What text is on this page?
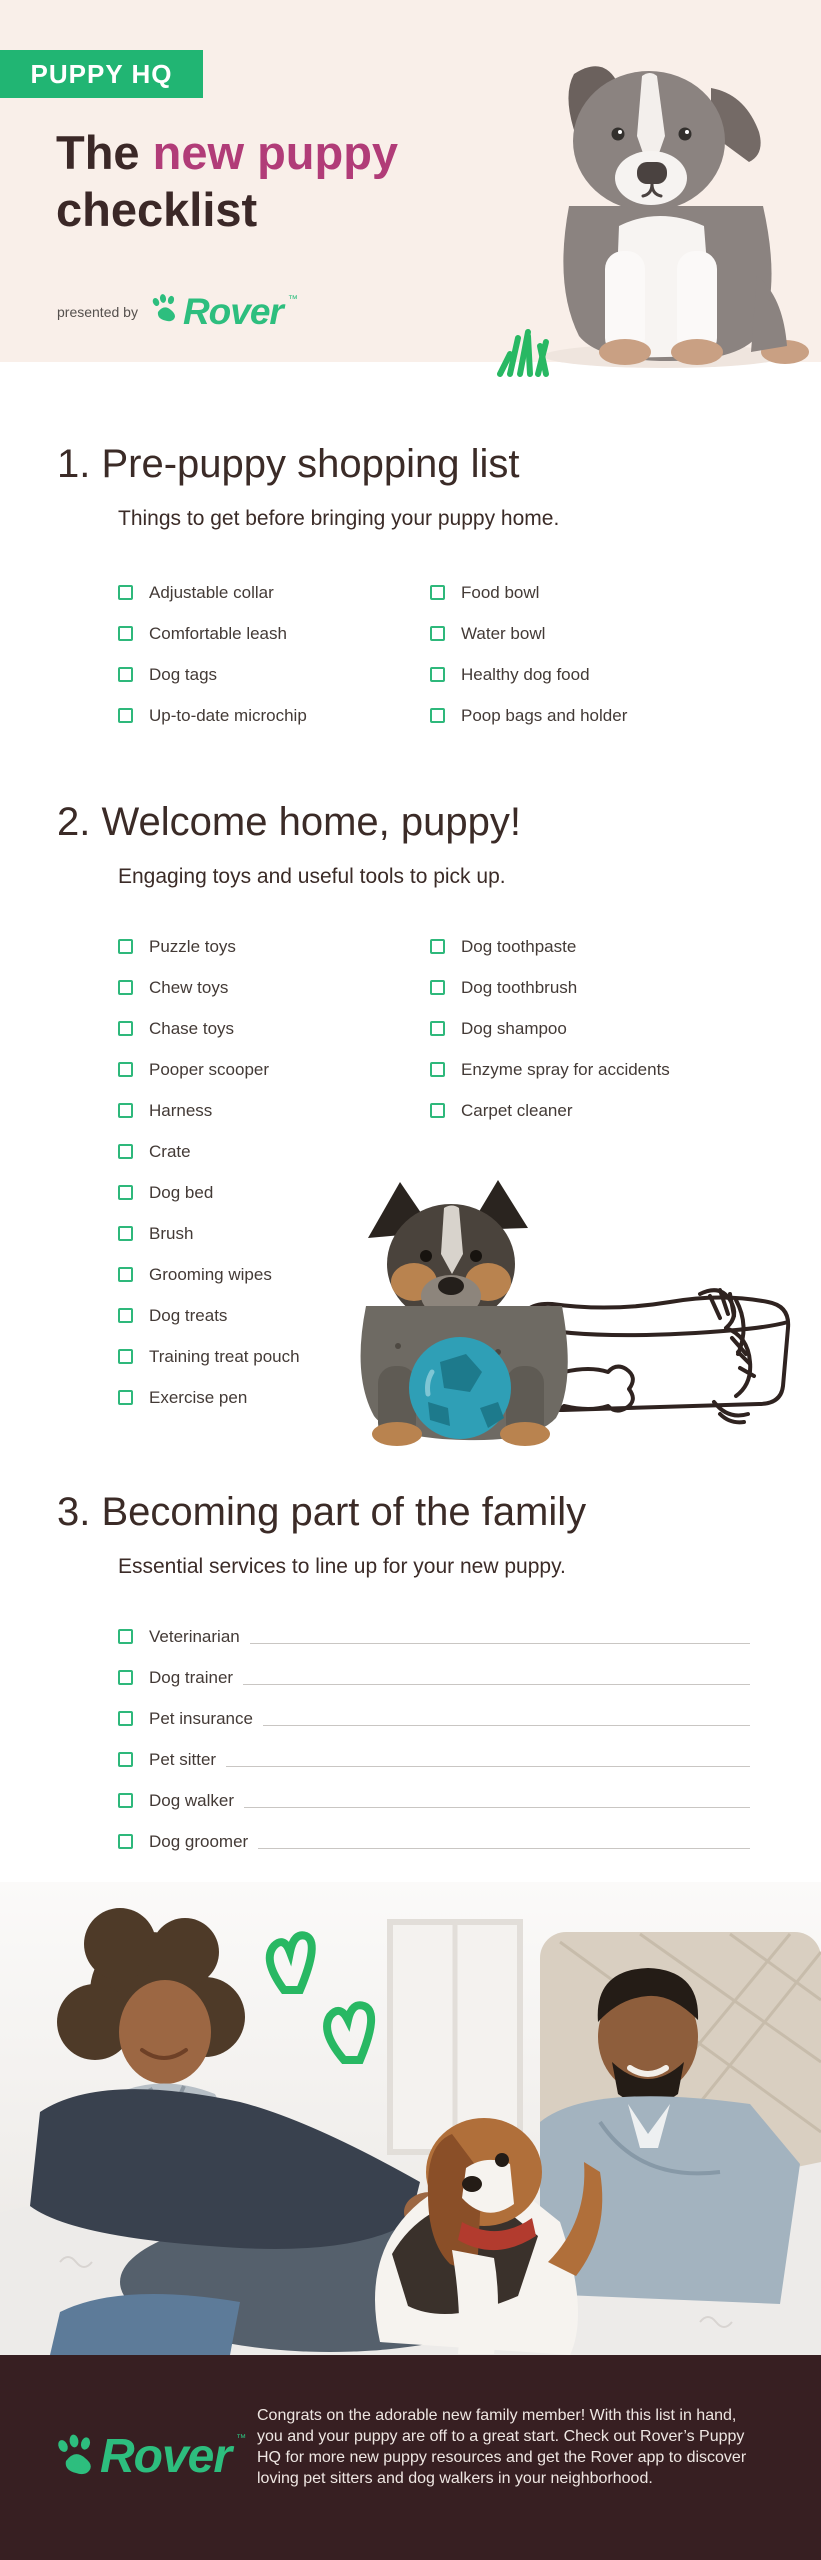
PUPPY HQ
The new puppy
checklist
presented by Rover ™
1. Pre-puppy shopping list
Things to get before bringing your puppy home.
Adjustable collar
Comfortable leash
Dog tags
Up-to-date microchip
Food bowl
Water bowl
Healthy dog food
Poop bags and holder
2. Welcome home, puppy!
Engaging toys and useful tools to pick up.
Puzzle toys
Chew toys
Chase toys
Pooper scooper
Harness
Crate
Dog bed
Brush
Grooming wipes
Dog treats
Training treat pouch
Exercise pen
Dog toothpaste
Dog toothbrush
Dog shampoo
Enzyme spray for accidents
Carpet cleaner
3. Becoming part of the family
Essential services to line up for your new puppy.
Veterinarian
Dog trainer
Pet insurance
Pet sitter
Dog walker
Dog groomer
Rover ™
Congrats on the adorable new family member! With this list in hand, you and your puppy are off to a great start. Check out Rover’s Puppy HQ for more new puppy resources and get the Rover app to discover loving pet sitters and dog walkers in your neighborhood.
